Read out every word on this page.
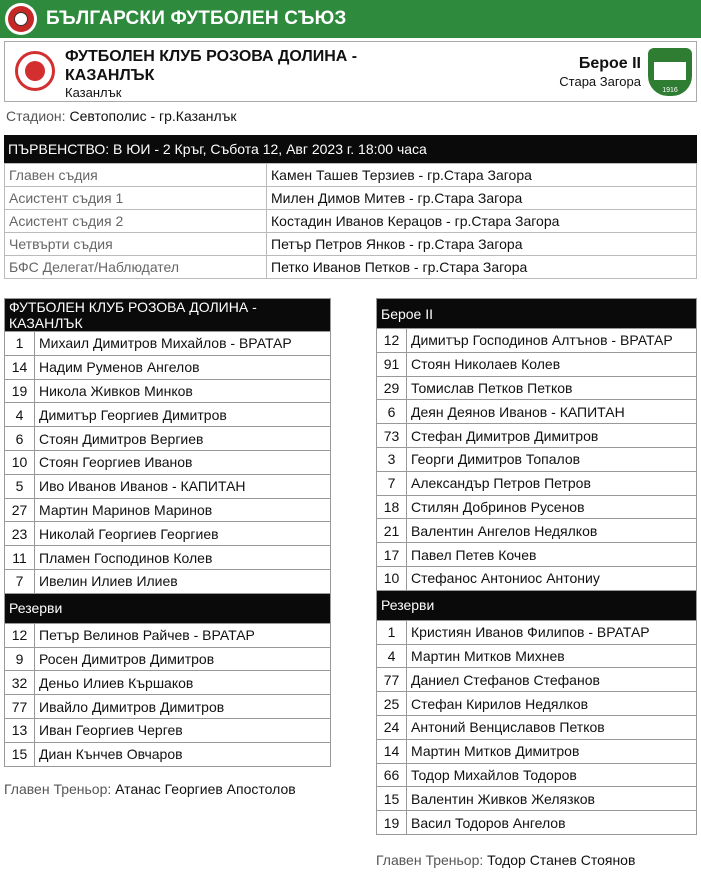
БЪЛГАРСКИ ФУТБОЛЕН СЪЮЗ
ФУТБОЛЕН КЛУБ РОЗОВА ДОЛИНА - КАЗАНЛЪК
Казанлък
Берое II
Стара Загора
1916
Стадион: Севтополис - гр.Казанлък
ПЪРВЕНСТВО: В ЮИ - 2 Кръг, Събота 12, Авг 2023 г. 18:00 часа
Главен съдия	Камен Ташев Терзиев - гр.Стара Загора
Асистент съдия 1	Милен Димов Митев - гр.Стара Загора
Асистент съдия 2	Костадин Иванов Керацов - гр.Стара Загора
Четвърти съдия	Петър Петров Янков - гр.Стара Загора
БФС Делегат/Наблюдател	Петко Иванов Петков - гр.Стара Загора
ФУТБОЛЕН КЛУБ РОЗОВА ДОЛИНА - КАЗАНЛЪК	
1	Михаил Димитров Михайлов - ВРАТАР
14	Надим Руменов Ангелов
19	Никола Живков Минков
4	Димитър Георгиев Димитров
6	Стоян Димитров Вергиев
10	Стоян Георгиев Иванов
5	Иво Иванов Иванов - КАПИТАН
27	Мартин Маринов Маринов
23	Николай Георгиев Георгиев
11	Пламен Господинов Колев
7	Ивелин Илиев Илиев
Резерви	
12	Петър Велинов Райчев - ВРАТАР
9	Росен Димитров Димитров
32	Деньо Илиев Кършаков
77	Ивайло Димитров Димитров
13	Иван Георгиев Чергев
15	Диан Кънчев Овчаров
Главен Треньор: Атанас Георгиев Апостолов
Берое II	
12	Димитър Господинов Алтънов - ВРАТАР
91	Стоян Николаев Колев
29	Томислав Петков Петков
6	Деян Деянов Иванов - КАПИТАН
73	Стефан Димитров Димитров
3	Георги Димитров Топалов
7	Александър Петров Петров
18	Стилян Добринов Русенов
21	Валентин Ангелов Недялков
17	Павел Петев Кочев
10	Стефанос Антониос Антониу
Резерви	
1	Кристиян Иванов Филипов - ВРАТАР
4	Мартин Митков Михнев
77	Даниел Стефанов Стефанов
25	Стефан Кирилов Недялков
24	Антоний Венциславов Петков
14	Мартин Митков Димитров
66	Тодор Михайлов Тодоров
15	Валентин Живков Желязков
19	Васил Тодоров Ангелов
Главен Треньор: Тодор Станев Стоянов
